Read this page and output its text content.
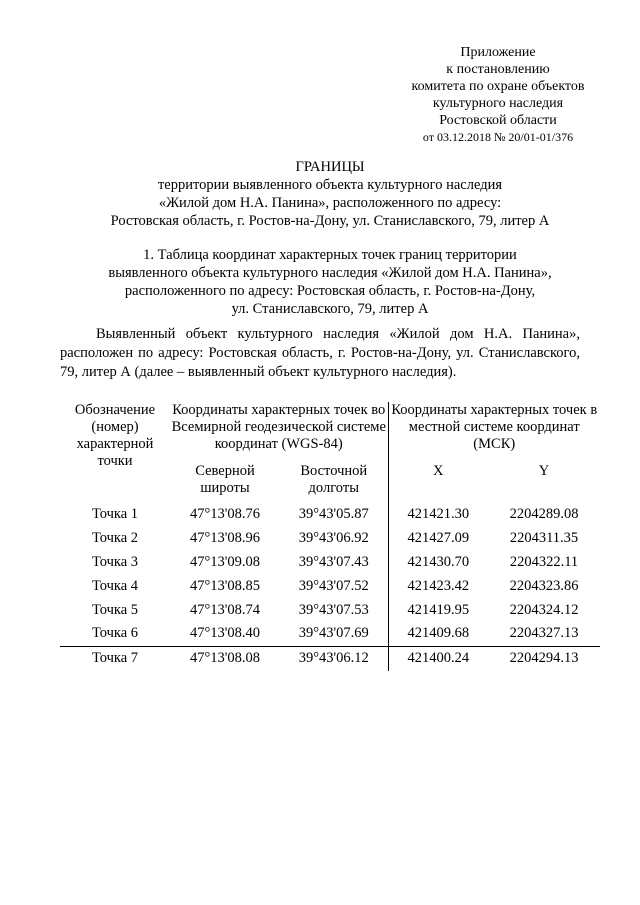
Приложение
к постановлению
комитета по охране объектов
культурного наследия
Ростовской области
от 03.12.2018 № 20/01-01/376
ГРАНИЦЫ
территории выявленного объекта культурного наследия
«Жилой дом Н.А. Панина», расположенного по адресу:
Ростовская область, г. Ростов-на-Дону, ул. Станиславского, 79, литер А
1. Таблица координат характерных точек границ территории
выявленного объекта культурного наследия «Жилой дом Н.А. Панина»,
расположенного по адресу: Ростовская область, г. Ростов-на-Дону,
ул. Станиславского, 79, литер А
Выявленный объект культурного наследия «Жилой дом Н.А. Панина», расположен по адресу: Ростовская область, г. Ростов-на-Дону, ул. Станиславского, 79, литер А (далее – выявленный объект культурного наследия).
Обозначение (номер) характерной точки	Координаты характерных точек во Всемирной геодезической системе координат (WGS-84)		Координаты характерных точек в местной системе координат (МСК)	
	Северной широты	Восточной долготы	X	Y
Точка 1	47°13'08.76	39°43'05.87	421421.30	2204289.08
Точка 2	47°13'08.96	39°43'06.92	421427.09	2204311.35
Точка 3	47°13'09.08	39°43'07.43	421430.70	2204322.11
Точка 4	47°13'08.85	39°43'07.52	421423.42	2204323.86
Точка 5	47°13'08.74	39°43'07.53	421419.95	2204324.12
Точка 6	47°13'08.40	39°43'07.69	421409.68	2204327.13
Точка 7	47°13'08.08	39°43'06.12	421400.24	2204294.13
